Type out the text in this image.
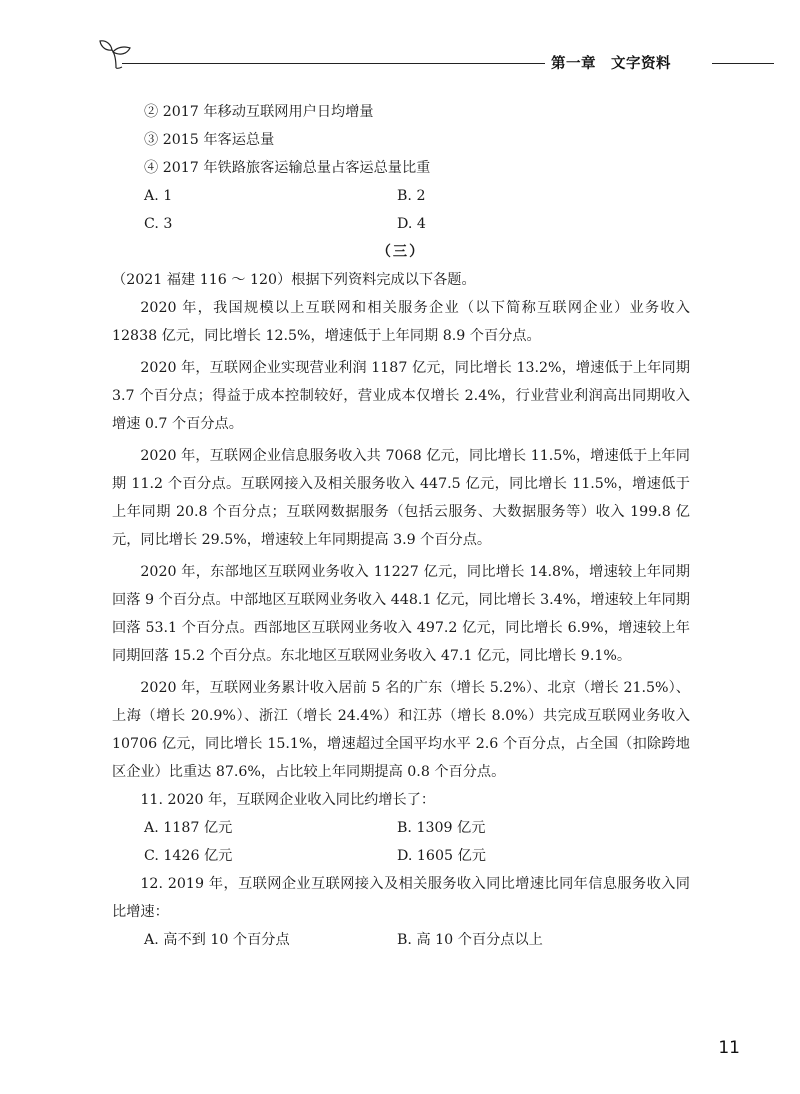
第一章　文字资料
② 2017 年移动互联网用户日均增量
③ 2015 年客运总量
④ 2017 年铁路旅客运输总量占客运总量比重
A. 1	B. 2
C. 3	D. 4
（三）
（2021 福建 116 ～ 120）根据下列资料完成以下各题。
2020 年，我国规模以上互联网和相关服务企业（以下简称互联网企业）业务收入 12838 亿元，同比增长 12.5%，增速低于上年同期 8.9 个百分点。
2020 年，互联网企业实现营业利润 1187 亿元，同比增长 13.2%，增速低于上年同期 3.7 个百分点；得益于成本控制较好，营业成本仅增长 2.4%，行业营业利润高出同期收入增速 0.7 个百分点。
2020 年，互联网企业信息服务收入共 7068 亿元，同比增长 11.5%，增速低于上年同期 11.2 个百分点。互联网接入及相关服务收入 447.5 亿元，同比增长 11.5%，增速低于上年同期 20.8 个百分点；互联网数据服务（包括云服务、大数据服务等）收入 199.8 亿元，同比增长 29.5%，增速较上年同期提高 3.9 个百分点。
2020 年，东部地区互联网业务收入 11227 亿元，同比增长 14.8%，增速较上年同期回落 9 个百分点。中部地区互联网业务收入 448.1 亿元，同比增长 3.4%，增速较上年同期回落 53.1 个百分点。西部地区互联网业务收入 497.2 亿元，同比增长 6.9%，增速较上年同期回落 15.2 个百分点。东北地区互联网业务收入 47.1 亿元，同比增长 9.1%。
2020 年，互联网业务累计收入居前 5 名的广东（增长 5.2%）、北京（增长 21.5%）、上海（增长 20.9%）、浙江（增长 24.4%）和江苏（增长 8.0%）共完成互联网业务收入 10706 亿元，同比增长 15.1%，增速超过全国平均水平 2.6 个百分点，占全国（扣除跨地区企业）比重达 87.6%，占比较上年同期提高 0.8 个百分点。
11. 2020 年，互联网企业收入同比约增长了：
A. 1187 亿元	B. 1309 亿元
C. 1426 亿元	D. 1605 亿元
12. 2019 年，互联网企业互联网接入及相关服务收入同比增速比同年信息服务收入同比增速：
A. 高不到 10 个百分点	B. 高 10 个百分点以上
11
